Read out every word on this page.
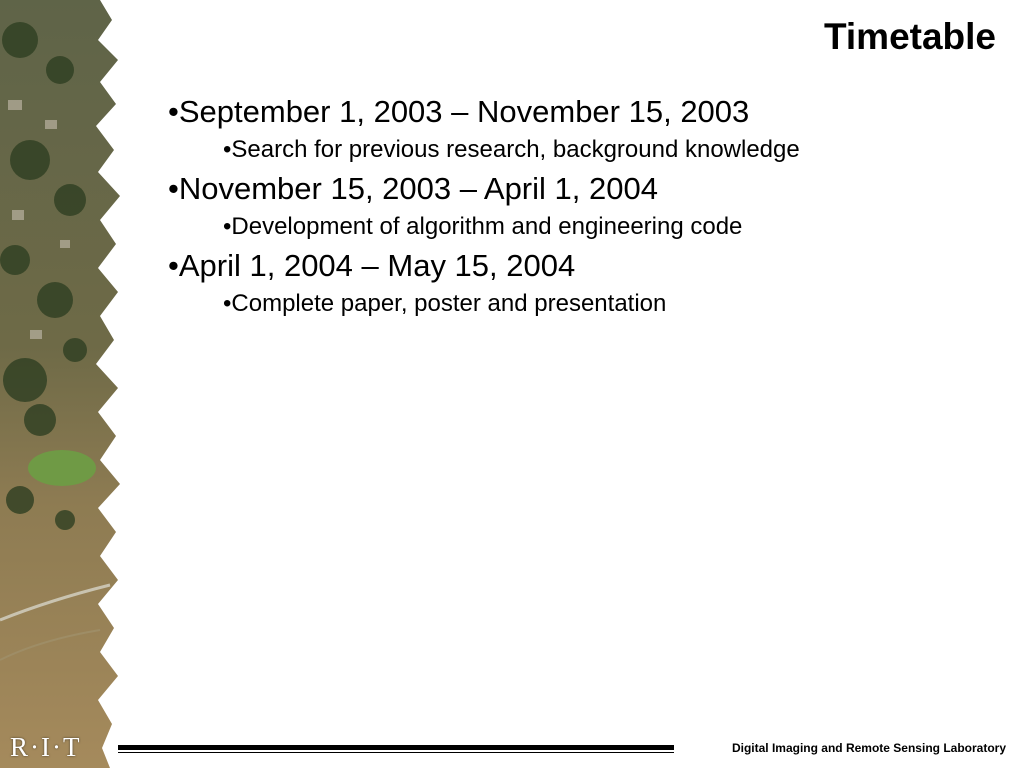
R·I·T
Timetable

•September 1, 2003 – November 15, 2003

•Search for previous research, background knowledge

•November 15, 2003 – April 1, 2004

•Development of algorithm and engineering code

•April 1, 2004 – May 15, 2004

•Complete paper, poster and presentation

Digital Imaging and Remote Sensing Laboratory
